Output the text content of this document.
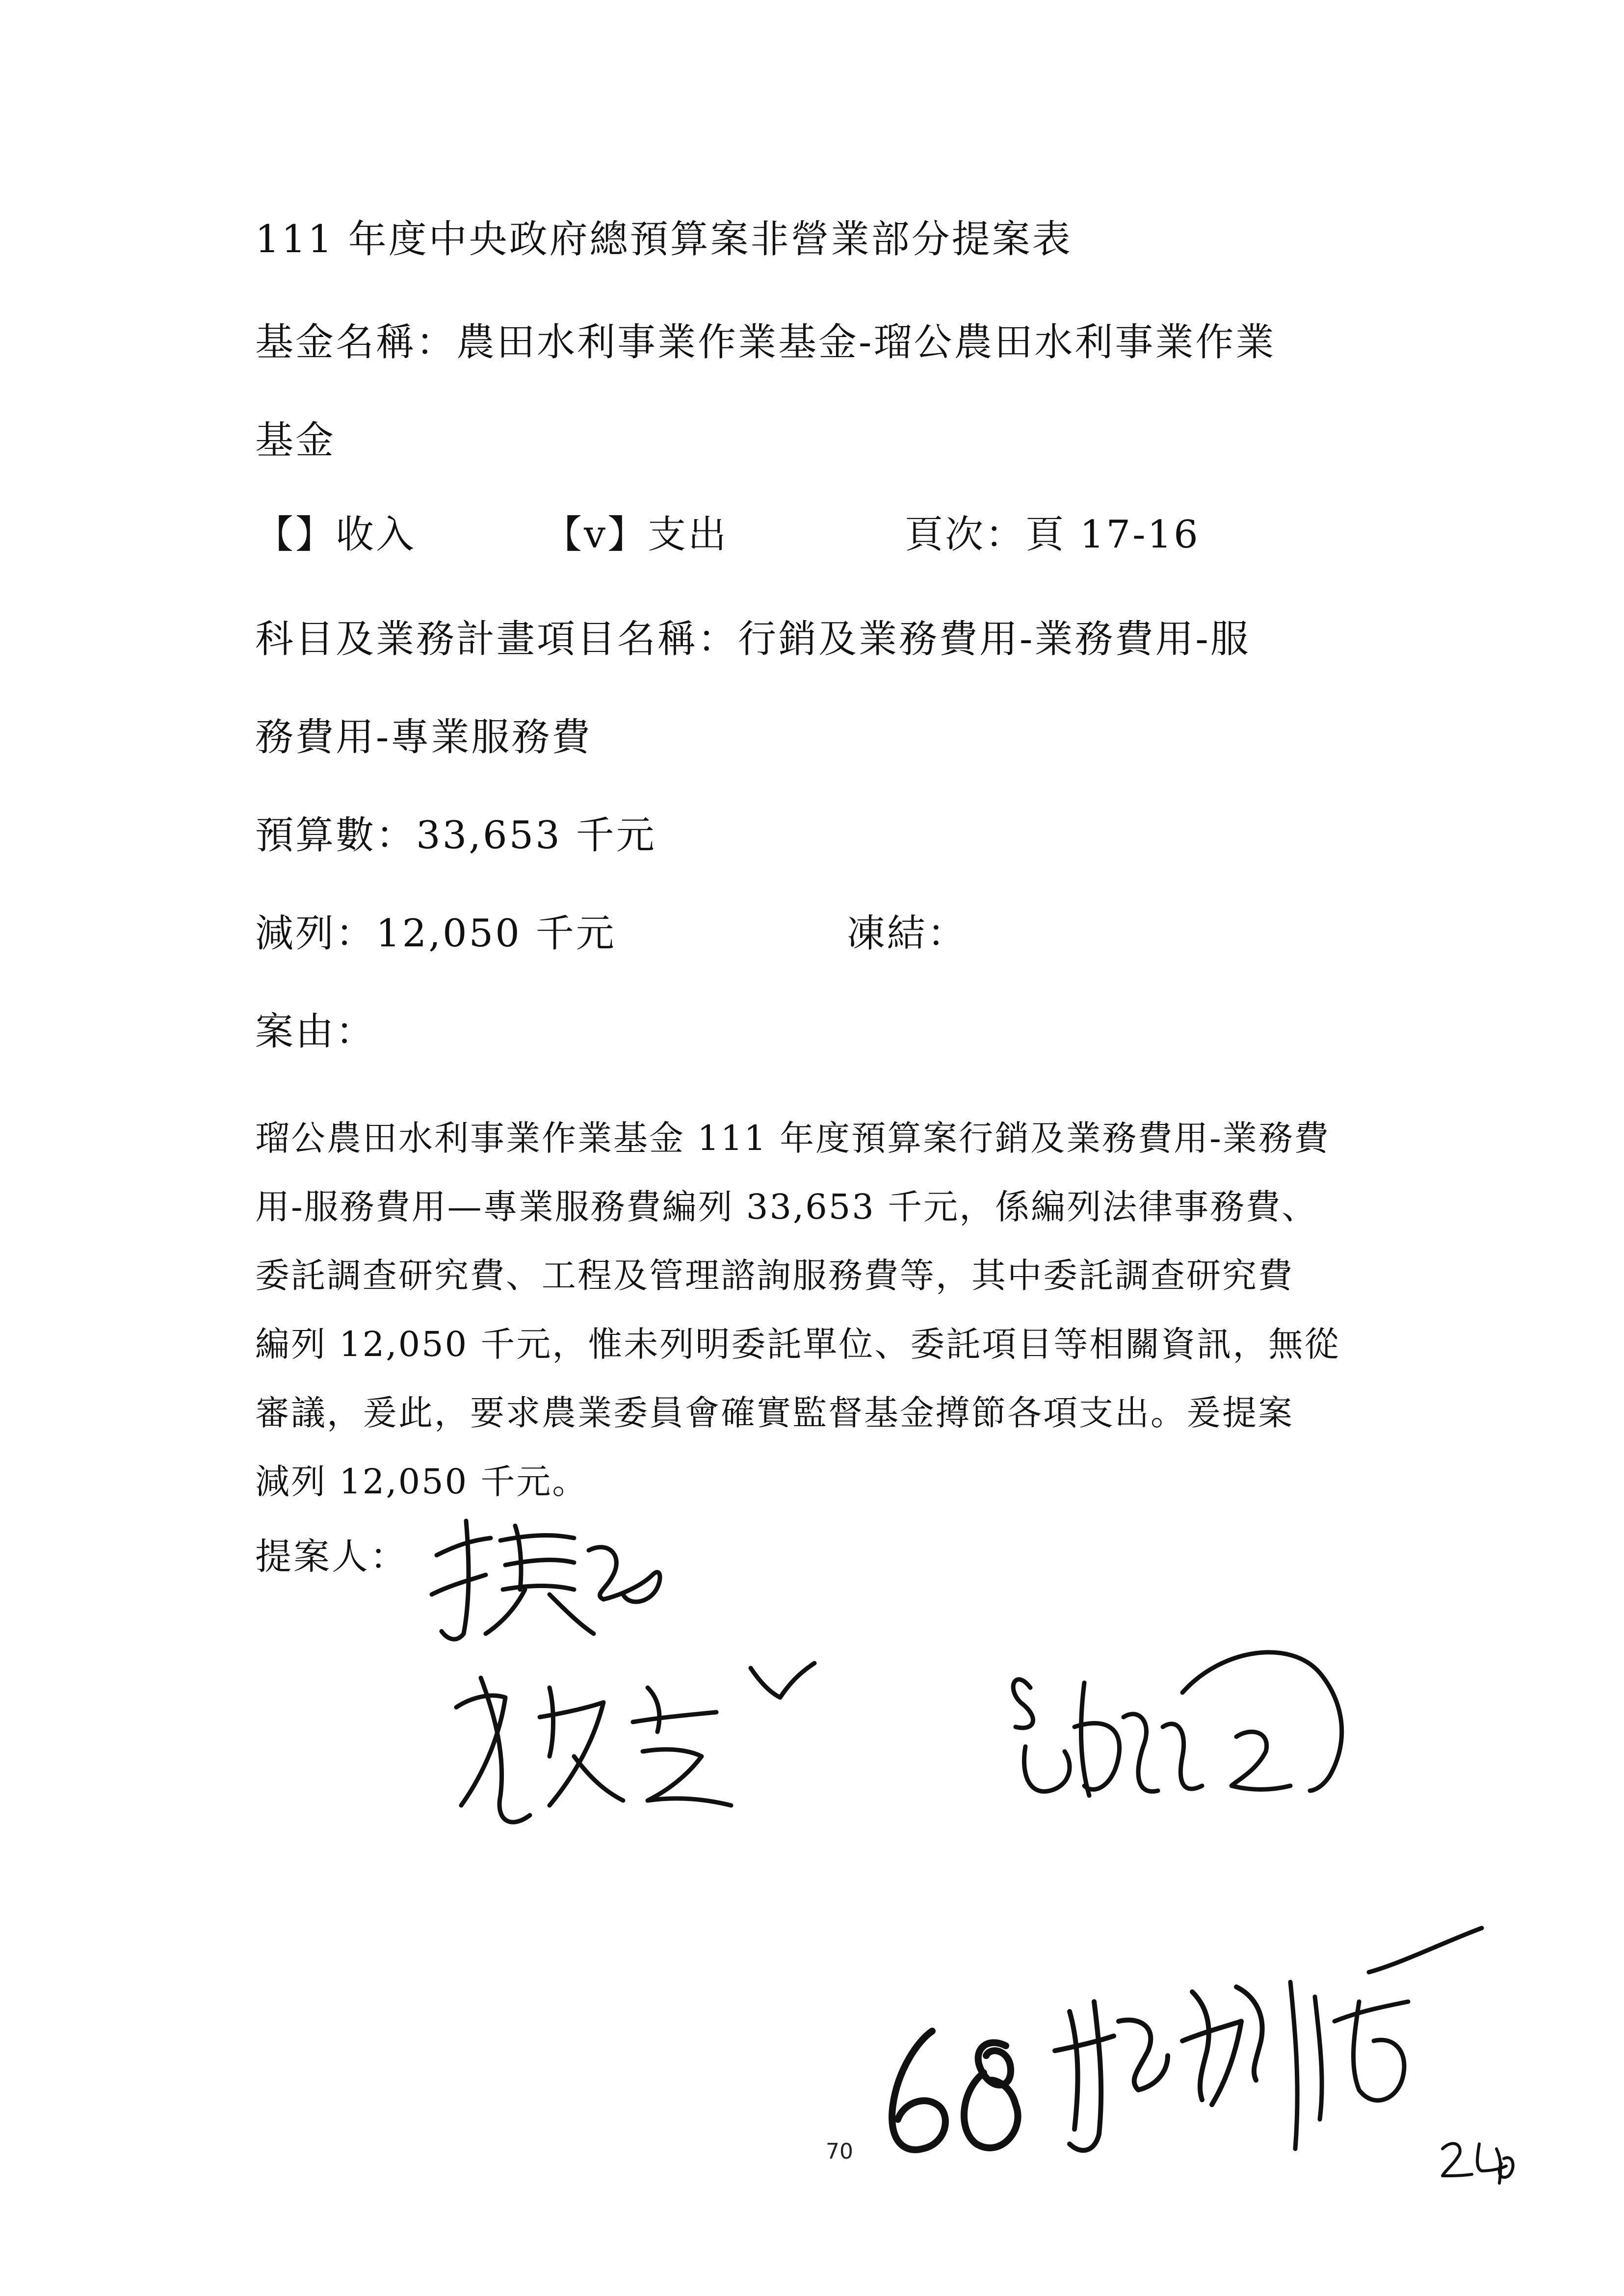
111 年度中央政府總預算案非營業部分提案表
基金名稱：農田水利事業作業基金-瑠公農田水利事業作業
基金
【】收入	【v】支出	頁次：頁 17-16
科目及業務計畫項目名稱：行銷及業務費用-業務費用-服
務費用-專業服務費
預算數：33,653 千元
減列：12,050 千元	凍結：
案由：
瑠公農田水利事業作業基金 111 年度預算案行銷及業務費用-業務費
用-服務費用—專業服務費編列 33,653 千元，係編列法律事務費、
委託調查研究費、工程及管理諮詢服務費等，其中委託調查研究費
編列 12,050 千元，惟未列明委託單位、委託項目等相關資訊，無從
審議，爰此，要求農業委員會確實監督基金撙節各項支出。爰提案
減列 12,050 千元。
提案人：
70
